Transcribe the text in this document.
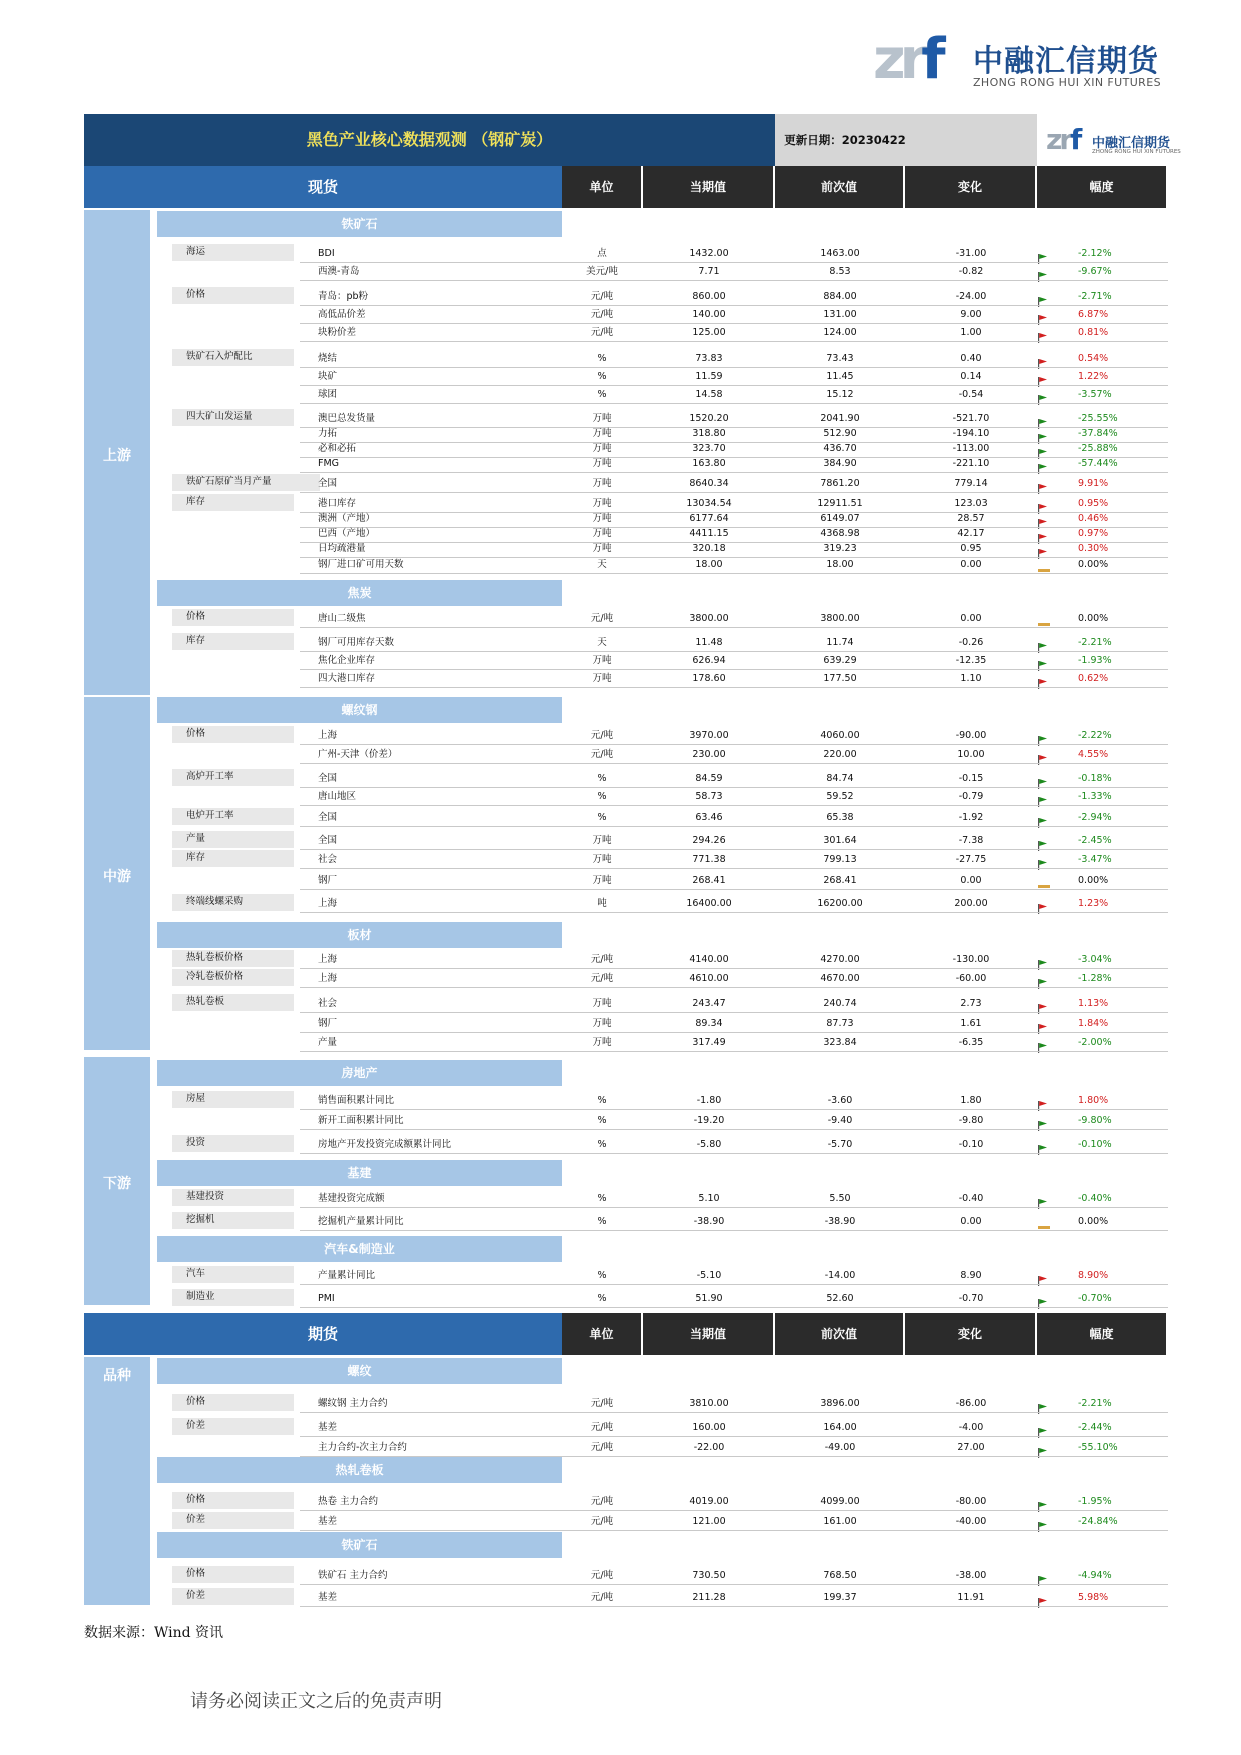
zrf 中融汇信期货
ZHONG RONG HUI XIN FUTURES
黑色产业核心数据观测 （钢矿炭）	更新日期：20230422	zrf 中融汇信期货
ZHONG RONG HUI XIN FUTURES
现货	单位	当期值	前次值	变化	幅度
上游
中游
下游
铁矿石
焦炭
螺纹钢
板材
房地产
基建
汽车&制造业
海运	BDI	点	1432.00	1463.00	-31.00	-2.12%
西澳-青岛	美元/吨	7.71	8.53	-0.82	-9.67%
价格	青岛：pb粉	元/吨	860.00	884.00	-24.00	-2.71%
高低品价差	元/吨	140.00	131.00	9.00	6.87%
块粉价差	元/吨	125.00	124.00	1.00	0.81%
铁矿石入炉配比	烧结	%	73.83	73.43	0.40	0.54%
块矿	%	11.59	11.45	0.14	1.22%
球团	%	14.58	15.12	-0.54	-3.57%
四大矿山发运量	澳巴总发货量	万吨	1520.20	2041.90	-521.70	-25.55%
力拓	万吨	318.80	512.90	-194.10	-37.84%
必和必拓	万吨	323.70	436.70	-113.00	-25.88%
FMG	万吨	163.80	384.90	-221.10	-57.44%
铁矿石原矿当月产量	全国	万吨	8640.34	7861.20	779.14	9.91%
库存	港口库存	万吨	13034.54	12911.51	123.03	0.95%
澳洲（产地）	万吨	6177.64	6149.07	28.57	0.46%
巴西（产地）	万吨	4411.15	4368.98	42.17	0.97%
日均疏港量	万吨	320.18	319.23	0.95	0.30%
钢厂进口矿可用天数	天	18.00	18.00	0.00	0.00%
价格	唐山二级焦	元/吨	3800.00	3800.00	0.00	0.00%
库存	钢厂可用库存天数	天	11.48	11.74	-0.26	-2.21%
焦化企业库存	万吨	626.94	639.29	-12.35	-1.93%
四大港口库存	万吨	178.60	177.50	1.10	0.62%
价格	上海	元/吨	3970.00	4060.00	-90.00	-2.22%
广州-天津（价差）	元/吨	230.00	220.00	10.00	4.55%
高炉开工率	全国	%	84.59	84.74	-0.15	-0.18%
唐山地区	%	58.73	59.52	-0.79	-1.33%
电炉开工率	全国	%	63.46	65.38	-1.92	-2.94%
产量	全国	万吨	294.26	301.64	-7.38	-2.45%
库存	社会	万吨	771.38	799.13	-27.75	-3.47%
钢厂	万吨	268.41	268.41	0.00	0.00%
终端线螺采购	上海	吨	16400.00	16200.00	200.00	1.23%
热轧卷板价格	上海	元/吨	4140.00	4270.00	-130.00	-3.04%
冷轧卷板价格	上海	元/吨	4610.00	4670.00	-60.00	-1.28%
热轧卷板	社会	万吨	243.47	240.74	2.73	1.13%
钢厂	万吨	89.34	87.73	1.61	1.84%
产量	万吨	317.49	323.84	-6.35	-2.00%
房屋	销售面积累计同比	%	-1.80	-3.60	1.80	1.80%
新开工面积累计同比	%	-19.20	-9.40	-9.80	-9.80%
投资	房地产开发投资完成额累计同比	%	-5.80	-5.70	-0.10	-0.10%
基建投资	基建投资完成额	%	5.10	5.50	-0.40	-0.40%
挖掘机	挖掘机产量累计同比	%	-38.90	-38.90	0.00	0.00%
汽车	产量累计同比	%	-5.10	-14.00	8.90	8.90%
制造业	PMI	%	51.90	52.60	-0.70	-0.70%
期货	单位	当期值	前次值	变化	幅度
品种	螺纹
热轧卷板
铁矿石
价格	螺纹钢 主力合约	元/吨	3810.00	3896.00	-86.00	-2.21%
价差	基差	元/吨	160.00	164.00	-4.00	-2.44%
主力合约-次主力合约	元/吨	-22.00	-49.00	27.00	-55.10%
价格	热卷 主力合约	元/吨	4019.00	4099.00	-80.00	-1.95%
价差	基差	元/吨	121.00	161.00	-40.00	-24.84%
价格	铁矿石 主力合约	元/吨	730.50	768.50	-38.00	-4.94%
价差	基差	元/吨	211.28	199.37	11.91	5.98%
数据来源：Wind 资讯
请务必阅读正文之后的免责声明
